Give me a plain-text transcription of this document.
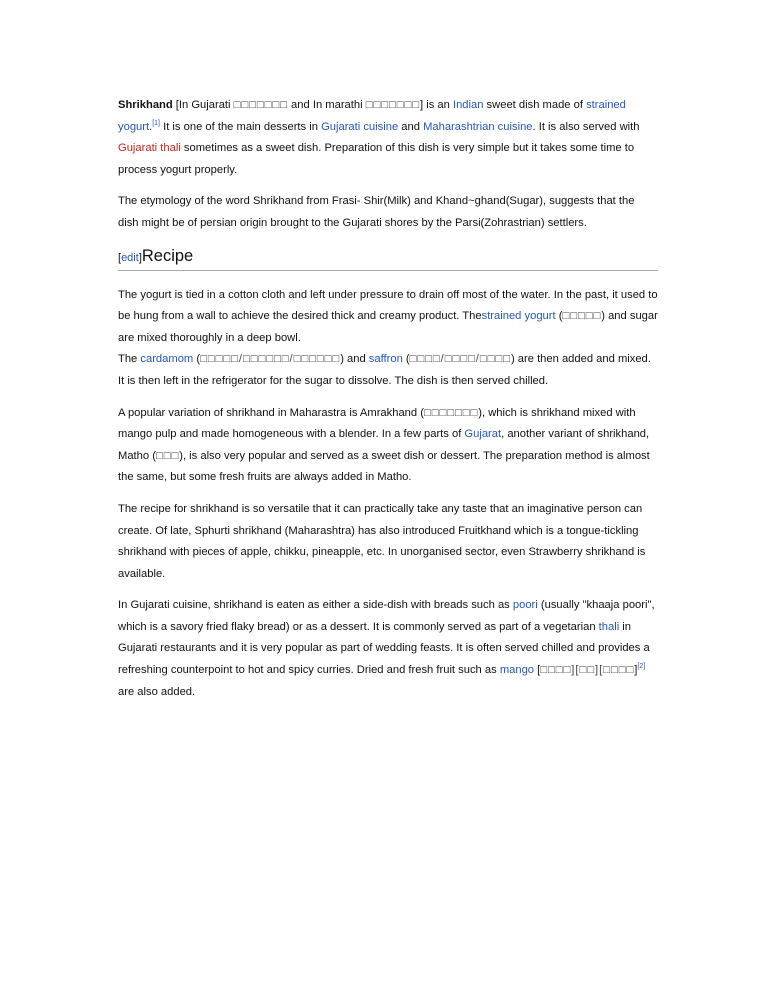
Shrikhand [In Gujarati □□□□□□□ and In marathi □□□□□□□] is an Indian sweet dish made of strained yogurt.[1] It is one of the main desserts in Gujarati cuisine and Maharashtrian cuisine. It is also served with Gujarati thali sometimes as a sweet dish. Preparation of this dish is very simple but it takes some time to process yogurt properly.

The etymology of the word Shrikhand from Frasi- Shir(Milk) and Khand~ghand(Sugar), suggests that the dish might be of persian origin brought to the Gujarati shores by the Parsi(Zohrastrian) settlers.

[edit]Recipe

The yogurt is tied in a cotton cloth and left under pressure to drain off most of the water. In the past, it used to be hung from a wall to achieve the desired thick and creamy product. Thestrained yogurt (□□□□□) and sugar are mixed thoroughly in a deep bowl.

The cardamom (□□□□□/□□□□□□/□□□□□□) and saffron (□□□□/□□□□/□□□□) are then added and mixed. It is then left in the refrigerator for the sugar to dissolve. The dish is then served chilled.

A popular variation of shrikhand in Maharastra is Amrakhand (□□□□□□□), which is shrikhand mixed with mango pulp and made homogeneous with a blender. In a few parts of Gujarat, another variant of shrikhand, Matho (□□□), is also very popular and served as a sweet dish or dessert. The preparation method is almost the same, but some fresh fruits are always added in Matho.

The recipe for shrikhand is so versatile that it can practically take any taste that an imaginative person can create. Of late, Sphurti shrikhand (Maharashtra) has also introduced Fruitkhand which is a tongue-tickling shrikhand with pieces of apple, chikku, pineapple, etc. In unorganised sector, even Strawberry shrikhand is available.

In Gujarati cuisine, shrikhand is eaten as either a side-dish with breads such as poori (usually "khaaja poori", which is a savory fried flaky bread) or as a dessert. It is commonly served as part of a vegetarian thali in Gujarati restaurants and it is very popular as part of wedding feasts. It is often served chilled and provides a refreshing counterpoint to hot and spicy curries. Dried and fresh fruit such as mango [□□□□][□□][□□□□][2] are also added.
